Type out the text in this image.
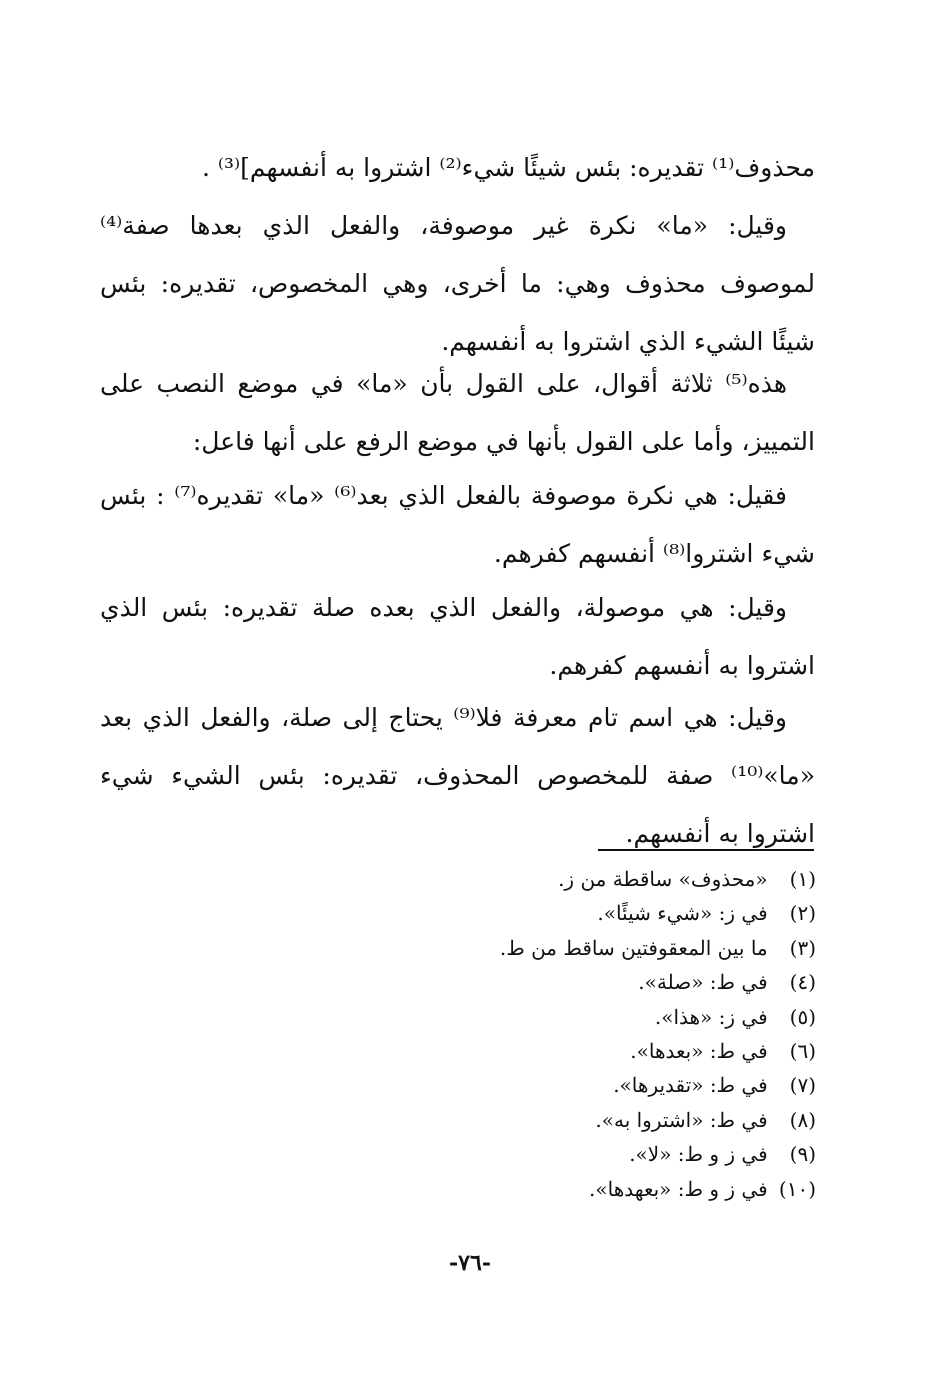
محذوف⁽¹⁾ تقديره: بئس شيئًا شيء⁽²⁾ اشتروا به أنفسهم]⁽³⁾ .

وقيل: «ما» نكرة غير موصوفة، والفعل الذي بعدها صفة⁽⁴⁾ لموصوف محذوف وهي: ما أخرى، وهي المخصوص، تقديره: بئس شيئًا الشيء الذي اشتروا به أنفسهم.

هذه⁽⁵⁾ ثلاثة أقوال، على القول بأن «ما» في موضع النصب على التمييز، وأما على القول بأنها في موضع الرفع على أنها فاعل:

فقيل: هي نكرة موصوفة بالفعل الذي بعد⁽⁶⁾ «ما» تقديره⁽⁷⁾ : بئس شيء اشتروا⁽⁸⁾ أنفسهم كفرهم.

وقيل: هي موصولة، والفعل الذي بعده صلة تقديره: بئس الذي اشتروا به أنفسهم كفرهم.

وقيل: هي اسم تام معرفة فلا⁽⁹⁾ يحتاج إلى صلة، والفعل الذي بعد «ما»⁽¹⁰⁾ صفة للمخصوص المحذوف، تقديره: بئس الشيء شيء اشتروا به أنفسهم.

(١) «محذوف» ساقطة من ز.
(٢) في ز: «شيء شيئًا».
(٣) ما بين المعقوفتين ساقط من ط.
(٤) في ط: «صلة».
(٥) في ز: «هذا».
(٦) في ط: «بعدها».
(٧) في ط: «تقديرها».
(٨) في ط: «اشتروا به».
(٩) في ز و ط: «لا».
(١٠) في ز و ط: «بعهدها».
-٧٦-
